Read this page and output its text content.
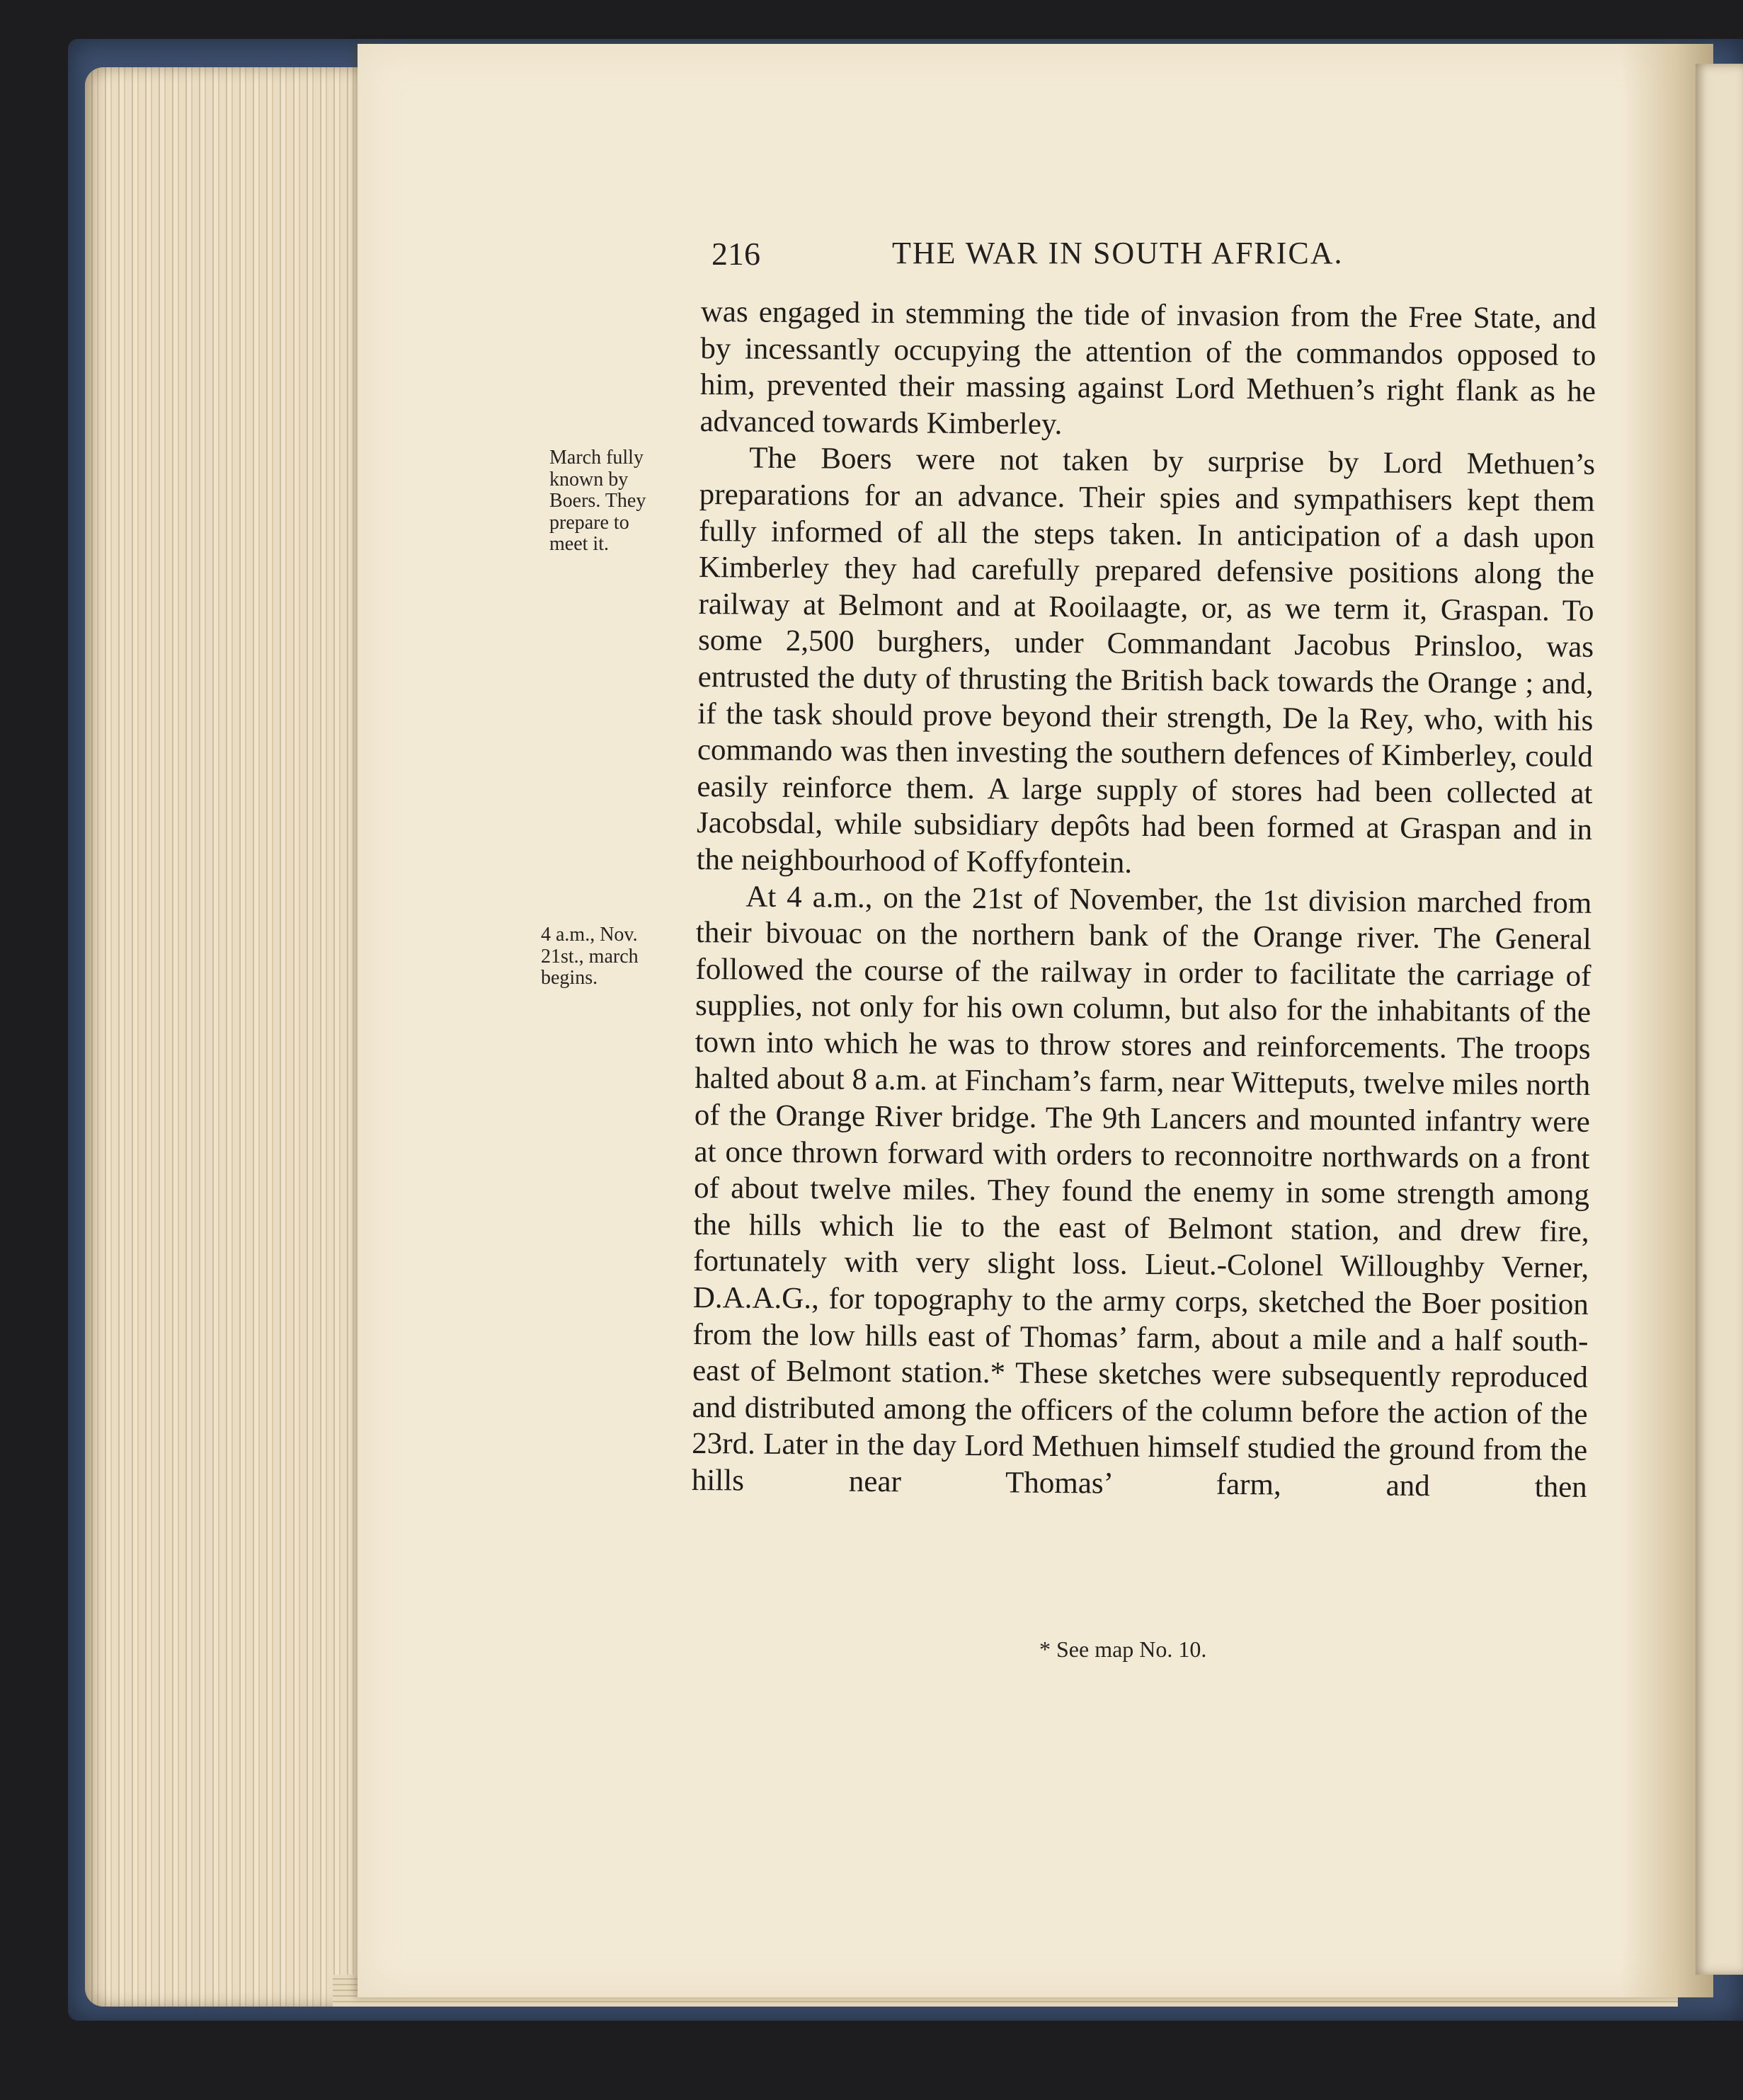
216	THE WAR IN SOUTH AFRICA.
March fully known by Boers. They prepare to meet it.
4 a.m., Nov. 21st., march begins.

was engaged in stemming the tide of invasion from the Free State, and by incessantly occupying the attention of the commandos opposed to him, prevented their massing against Lord Methuen’s right flank as he advanced towards Kimberley.

The Boers were not taken by surprise by Lord Methuen’s preparations for an advance. Their spies and sympathisers kept them fully informed of all the steps taken. In anticipation of a dash upon Kimberley they had carefully prepared defensive positions along the railway at Belmont and at Rooilaagte, or, as we term it, Graspan. To some 2,500 burghers, under Commandant Jacobus Prinsloo, was entrusted the duty of thrusting the British back towards the Orange ; and, if the task should prove beyond their strength, De la Rey, who, with his commando was then investing the southern defences of Kimberley, could easily reinforce them. A large supply of stores had been collected at Jacobsdal, while subsidiary depôts had been formed at Graspan and in the neighbourhood of Koffyfontein.

At 4 a.m., on the 21st of November, the 1st division marched from their bivouac on the northern bank of the Orange river. The General followed the course of the railway in order to facilitate the carriage of supplies, not only for his own column, but also for the inhabitants of the town into which he was to throw stores and reinforcements. The troops halted about 8 a.m. at Fincham’s farm, near Witteputs, twelve miles north of the Orange River bridge. The 9th Lancers and mounted infantry were at once thrown forward with orders to reconnoitre northwards on a front of about twelve miles. They found the enemy in some strength among the hills which lie to the east of Belmont station, and drew fire, fortunately with very slight loss. Lieut.-Colonel Willoughby Verner, D.A.A.G., for topography to the army corps, sketched the Boer position from the low hills east of Thomas’ farm, about a mile and a half south-east of Belmont station.* These sketches were subsequently reproduced and distributed among the officers of the column before the action of the 23rd. Later in the day Lord Methuen himself studied the ground from the hills near Thomas’ farm, and then

* See map No. 10.
